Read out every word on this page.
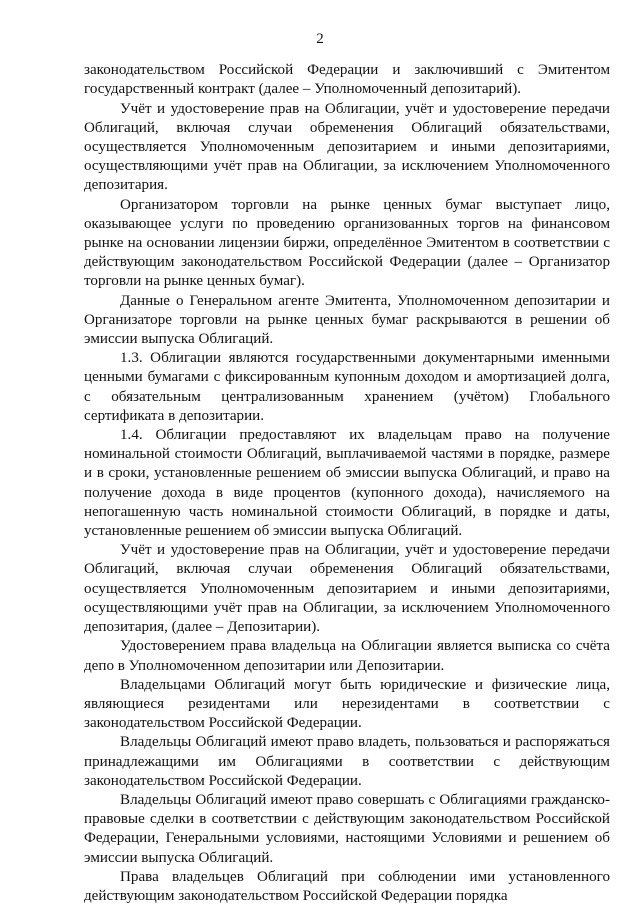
2

законодательством Российской Федерации и заключивший с Эмитентом государственный контракт (далее – Уполномоченный депозитарий).

Учёт и удостоверение прав на Облигации, учёт и удостоверение передачи Облигаций, включая случаи обременения Облигаций обязательствами, осуществляется Уполномоченным депозитарием и иными депозитариями, осуществляющими учёт прав на Облигации, за исключением Уполномоченного депозитария.

Организатором торговли на рынке ценных бумаг выступает лицо, оказывающее услуги по проведению организованных торгов на финансовом рынке на основании лицензии биржи, определённое Эмитентом в соответствии с действующим законодательством Российской Федерации (далее – Организатор торговли на рынке ценных бумаг).

Данные о Генеральном агенте Эмитента, Уполномоченном депозитарии и Организаторе торговли на рынке ценных бумаг раскрываются в решении об эмиссии выпуска Облигаций.

1.3. Облигации являются государственными документарными именными ценными бумагами с фиксированным купонным доходом и амортизацией долга, с обязательным централизованным хранением (учётом) Глобального сертификата в депозитарии.

1.4. Облигации предоставляют их владельцам право на получение номинальной стоимости Облигаций, выплачиваемой частями в порядке, размере и в сроки, установленные решением об эмиссии выпуска Облигаций, и право на получение дохода в виде процентов (купонного дохода), начисляемого на непогашенную часть номинальной стоимости Облигаций, в порядке и даты, установленные решением об эмиссии выпуска Облигаций.

Учёт и удостоверение прав на Облигации, учёт и удостоверение передачи Облигаций, включая случаи обременения Облигаций обязательствами, осуществляется Уполномоченным депозитарием и иными депозитариями, осуществляющими учёт прав на Облигации, за исключением Уполномоченного депозитария, (далее – Депозитарии).

Удостоверением права владельца на Облигации является выписка со счёта депо в Уполномоченном депозитарии или Депозитарии.

Владельцами Облигаций могут быть юридические и физические лица, являющиеся резидентами или нерезидентами в соответствии с законодательством Российской Федерации.

Владельцы Облигаций имеют право владеть, пользоваться и распоряжаться принадлежащими им Облигациями в соответствии с действующим законодательством Российской Федерации.

Владельцы Облигаций имеют право совершать с Облигациями гражданско-правовые сделки в соответствии с действующим законодательством Российской Федерации, Генеральными условиями, настоящими Условиями и решением об эмиссии выпуска Облигаций.

Права владельцев Облигаций при соблюдении ими установленного действующим законодательством Российской Федерации порядка
